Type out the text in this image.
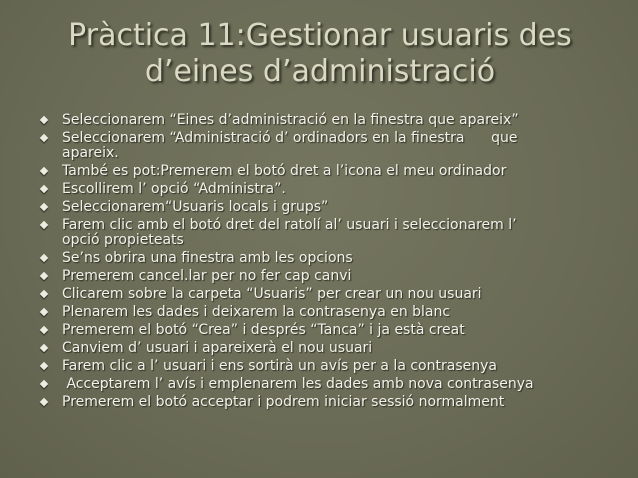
Pràctica 11:Gestionar usuaris des
d’eines d’administració
Seleccionarem “Eines d’administració en la finestra que apareix”
Seleccionarem “Administració d’ ordinadors en la finestra      que
apareix.
També es pot:Premerem el botó dret a l’icona el meu ordinador
Escollirem l’ opció “Administra”.
Seleccionarem“Usuaris locals i grups”
Farem clic amb el botó dret del ratolí al’ usuari i seleccionarem l’
opció propieteats
Se’ns obrira una finestra amb les opcions
Premerem cancel.lar per no fer cap canvi
Clicarem sobre la carpeta “Usuaris” per crear un nou usuari
Plenarem les dades i deixarem la contrasenya en blanc
Premerem el botó “Crea” i després “Tanca” i ja està creat
Canviem d’ usuari i apareixerà el nou usuari
Farem clic a l’ usuari i ens sortirà un avís per a la contrasenya
Acceptarem l’ avís i emplenarem les dades amb nova contrasenya
Premerem el botó acceptar i podrem iniciar sessió normalment
